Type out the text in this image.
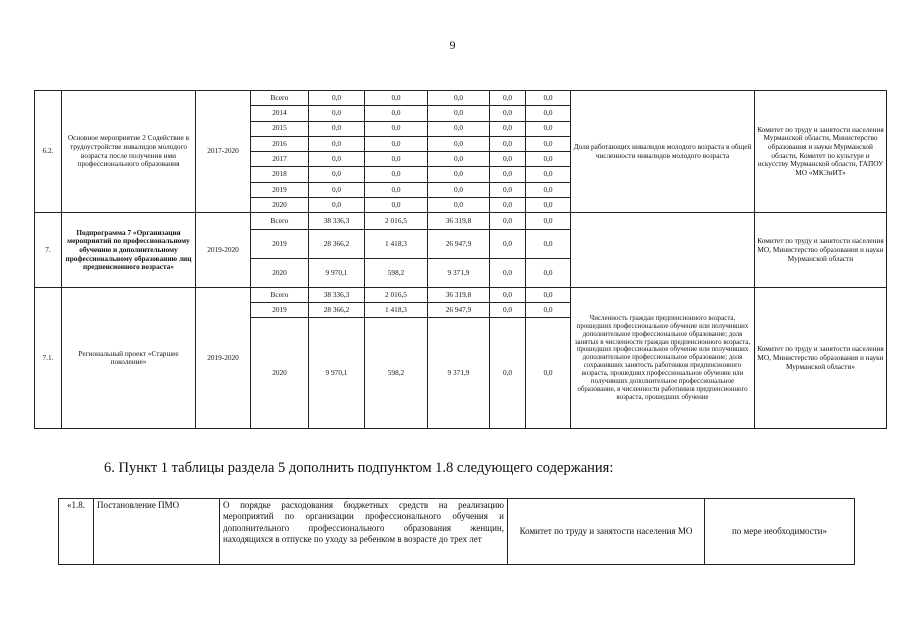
9
6.2.	Основное мероприятие 2 Содействие в трудоустройстве инвалидов молодого возраста после получения ими профессионального образования	2017-2020	Всего	0,0	0,0	0,0	0,0	0,0	Доля работающих инвалидов молодого возраста в общей численности инвалидов молодого возраста	Комитет по труду и занятости населения Мурманской области, Министерство образования и науки Мурманской области, Комитет по культуре и искусству Мурманской области, ГАПОУ МО «МКЭиИТ»
			2014	0,0	0,0	0,0	0,0	0,0		
			2015	0,0	0,0	0,0	0,0	0,0		
			2016	0,0	0,0	0,0	0,0	0,0		
			2017	0,0	0,0	0,0	0,0	0,0		
			2018	0,0	0,0	0,0	0,0	0,0		
			2019	0,0	0,0	0,0	0,0	0,0		
			2020	0,0	0,0	0,0	0,0	0,0		
7.	Подпрограмма 7 «Организация мероприятий по профессиональному обучению и дополнительному профессиональному образованию лиц предпенсионного возраста»	2019-2020	Всего	38 336,3	2 016,5	36 319,8	0,0	0,0		Комитет по труду и занятости населения МО, Министерство образования и науки Мурманской области
			2019	28 366,2	1 418,3	26 947,9	0,0	0,0		
			2020	9 970,1	598,2	9 371,9	0,0	0,0		
7.1.	Региональный проект «Старшее поколение»	2019-2020	Всего	38 336,3	2 016,5	36 319,8	0,0	0,0	Численность граждан предпенсионного возраста, прошедших профессиональное обучение или получивших дополнительное профессиональное образование; доля занятых в численности граждан предпенсионного возраста, прошедших профессиональное обучение или получивших дополнительное профессиональное образование; доля сохранивших занятость работников предпенсионного возраста, прошедших профессиональное обучение или получивших дополнительное профессиональное образование, в численности работников предпенсионного возраста, прошедших обучение	Комитет по труду и занятости населения МО, Министерство образования и науки Мурманской области»
			2019	28 366,2	1 418,3	26 947,9	0,0	0,0		
			2020	9 970,1	598,2	9 371,9	0,0	0,0		
6. Пункт 1 таблицы раздела 5 дополнить подпунктом 1.8 следующего содержания:
«1.8.	Постановление ПМО	О порядке расходования бюджетных средств на реализацию мероприятий по организации профессионального обучения и дополнительного профессионального образования женщин, находящихся в отпуске по уходу за ребенком в возрасте до трех лет	Комитет по труду и занятости населения МО	по мере необходимости»
